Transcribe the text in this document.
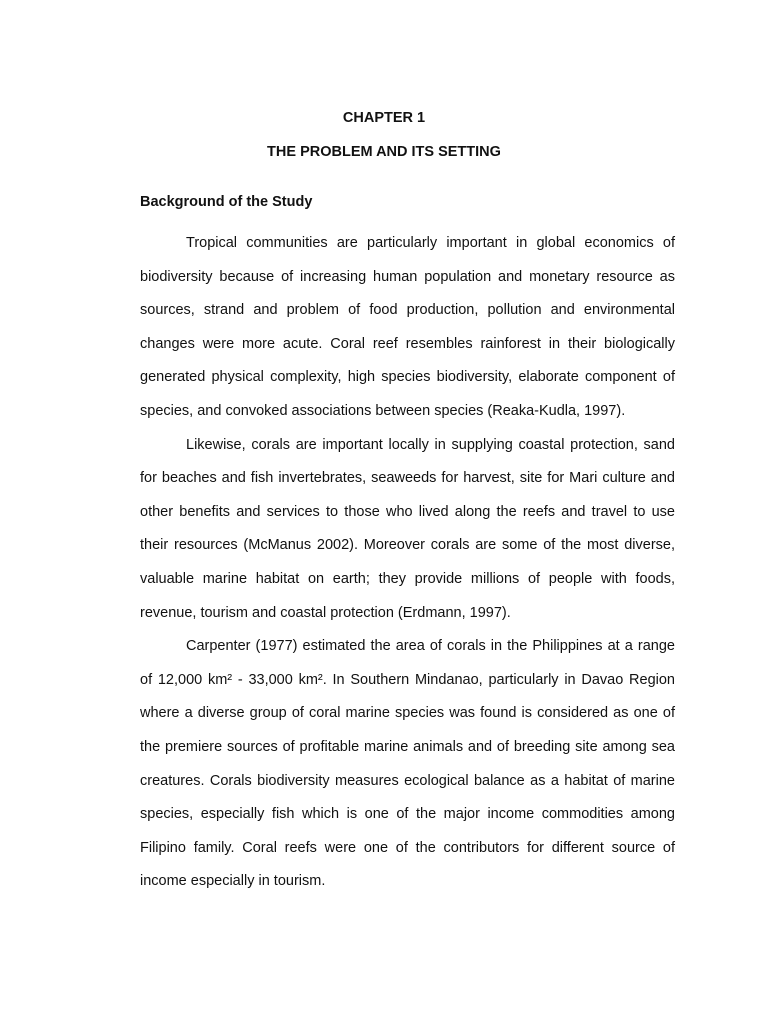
CHAPTER 1
THE PROBLEM AND ITS SETTING
Background of the Study

Tropical communities are particularly important in global economics of biodiversity because of increasing human population and monetary resource as sources, strand and problem of food production, pollution and environmental changes were more acute. Coral reef resembles rainforest in their biologically generated physical complexity, high species biodiversity, elaborate component of species, and convoked associations between species (Reaka-Kudla, 1997).

Likewise, corals are important locally in supplying coastal protection, sand for beaches and fish invertebrates, seaweeds for harvest, site for Mari culture and other benefits and services to those who lived along the reefs and travel to use their resources (McManus 2002). Moreover corals are some of the most diverse, valuable marine habitat on earth; they provide millions of people with foods, revenue, tourism and coastal protection (Erdmann, 1997).

Carpenter (1977) estimated the area of corals in the Philippines at a range of 12,000 km² - 33,000 km². In Southern Mindanao, particularly in Davao Region where a diverse group of coral marine species was found is considered as one of the premiere sources of profitable marine animals and of breeding site among sea creatures. Corals biodiversity measures ecological balance as a habitat of marine species, especially fish which is one of the major income commodities among Filipino family. Coral reefs were one of the contributors for different source of income especially in tourism.
